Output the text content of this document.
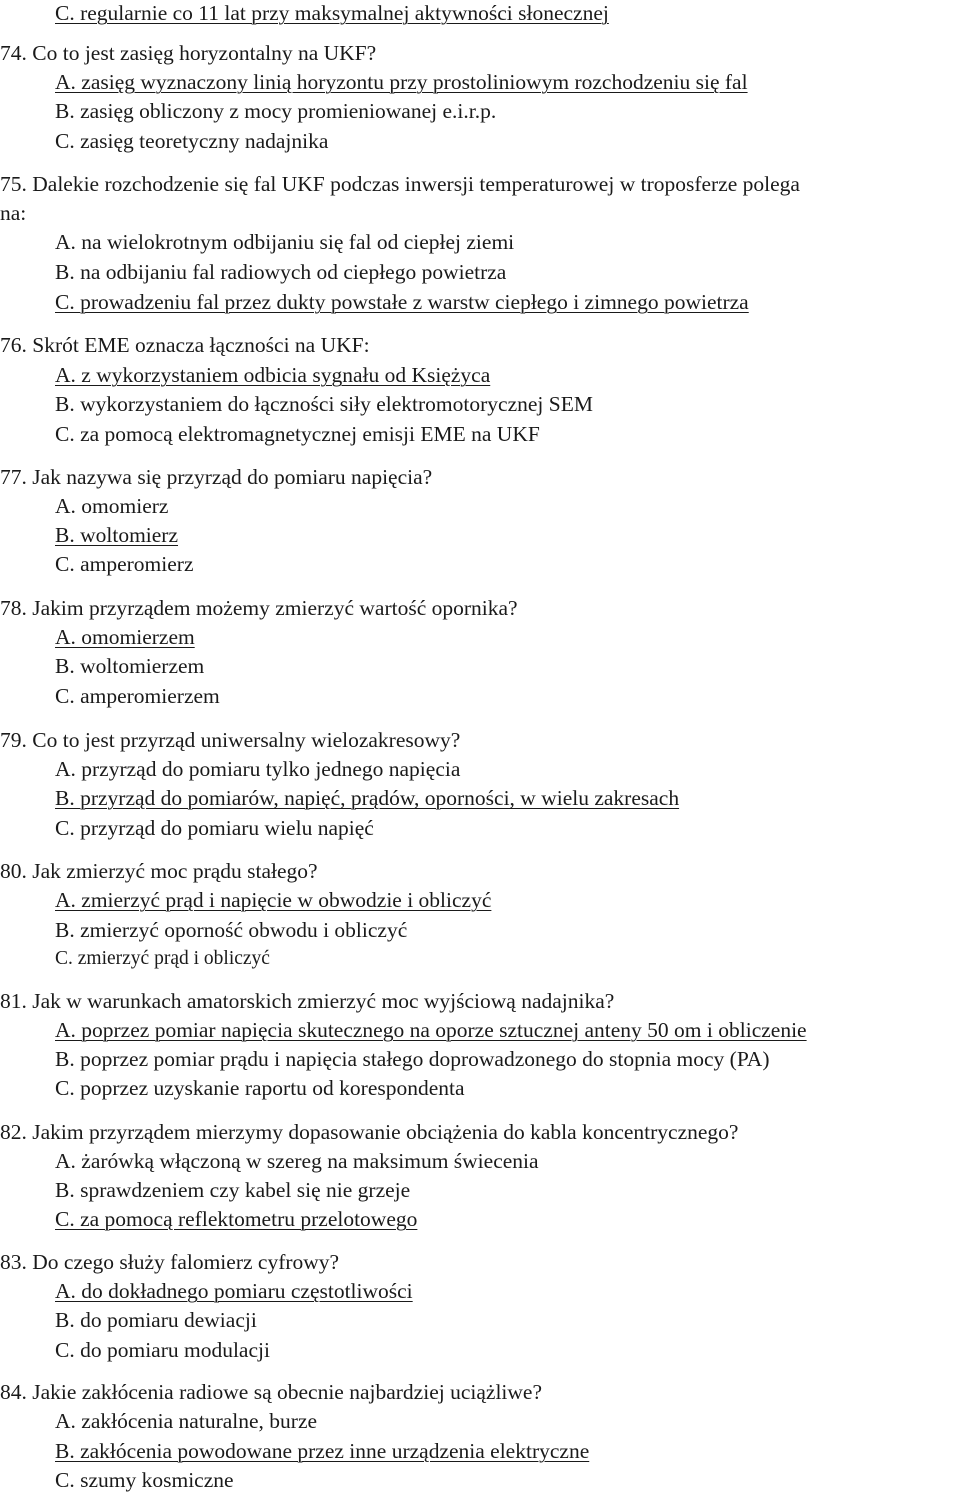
C. regularnie co 11 lat przy maksymalnej aktywności słonecznej
74. Co to jest zasięg horyzontalny na UKF?
A. zasięg wyznaczony linią horyzontu przy prostoliniowym rozchodzeniu się fal
B. zasięg obliczony z mocy promieniowanej e.i.r.p.
C. zasięg teoretyczny nadajnika
75. Dalekie rozchodzenie się fal UKF podczas inwersji temperaturowej w troposferze polega
na:
A. na wielokrotnym odbijaniu się fal od ciepłej ziemi
B. na odbijaniu fal radiowych od ciepłego powietrza
C. prowadzeniu fal przez dukty powstałe z warstw ciepłego i zimnego powietrza
76. Skrót EME oznacza łączności na UKF:
A. z wykorzystaniem odbicia sygnału od Księżyca
B. wykorzystaniem do łączności siły elektromotorycznej SEM
C. za pomocą elektromagnetycznej emisji EME na UKF
77. Jak nazywa się przyrząd do pomiaru napięcia?
A. omomierz
B. woltomierz
C. amperomierz
78. Jakim przyrządem możemy zmierzyć wartość opornika?
A. omomierzem
B. woltomierzem
C. amperomierzem
79. Co to jest przyrząd uniwersalny wielozakresowy?
A. przyrząd do pomiaru tylko jednego napięcia
B. przyrząd do pomiarów, napięć, prądów, oporności, w wielu zakresach
C. przyrząd do pomiaru wielu napięć
80. Jak zmierzyć moc prądu stałego?
A. zmierzyć prąd i napięcie w obwodzie i obliczyć
B. zmierzyć oporność obwodu i obliczyć
C. zmierzyć prąd i obliczyć
81. Jak w warunkach amatorskich zmierzyć moc wyjściową nadajnika?
A. poprzez pomiar napięcia skutecznego na oporze sztucznej anteny 50 om i obliczenie
B. poprzez pomiar prądu i napięcia stałego doprowadzonego do stopnia mocy (PA)
C. poprzez uzyskanie raportu od korespondenta
82. Jakim przyrządem mierzymy dopasowanie obciążenia do kabla koncentrycznego?
A. żarówką włączoną w szereg na maksimum świecenia
B. sprawdzeniem czy kabel się nie grzeje
C. za pomocą reflektometru przelotowego
83. Do czego służy falomierz cyfrowy?
A. do dokładnego pomiaru częstotliwości
B. do pomiaru dewiacji
C. do pomiaru modulacji
84. Jakie zakłócenia radiowe są obecnie najbardziej uciążliwe?
A. zakłócenia naturalne, burze
B. zakłócenia powodowane przez inne urządzenia elektryczne
C. szumy kosmiczne
